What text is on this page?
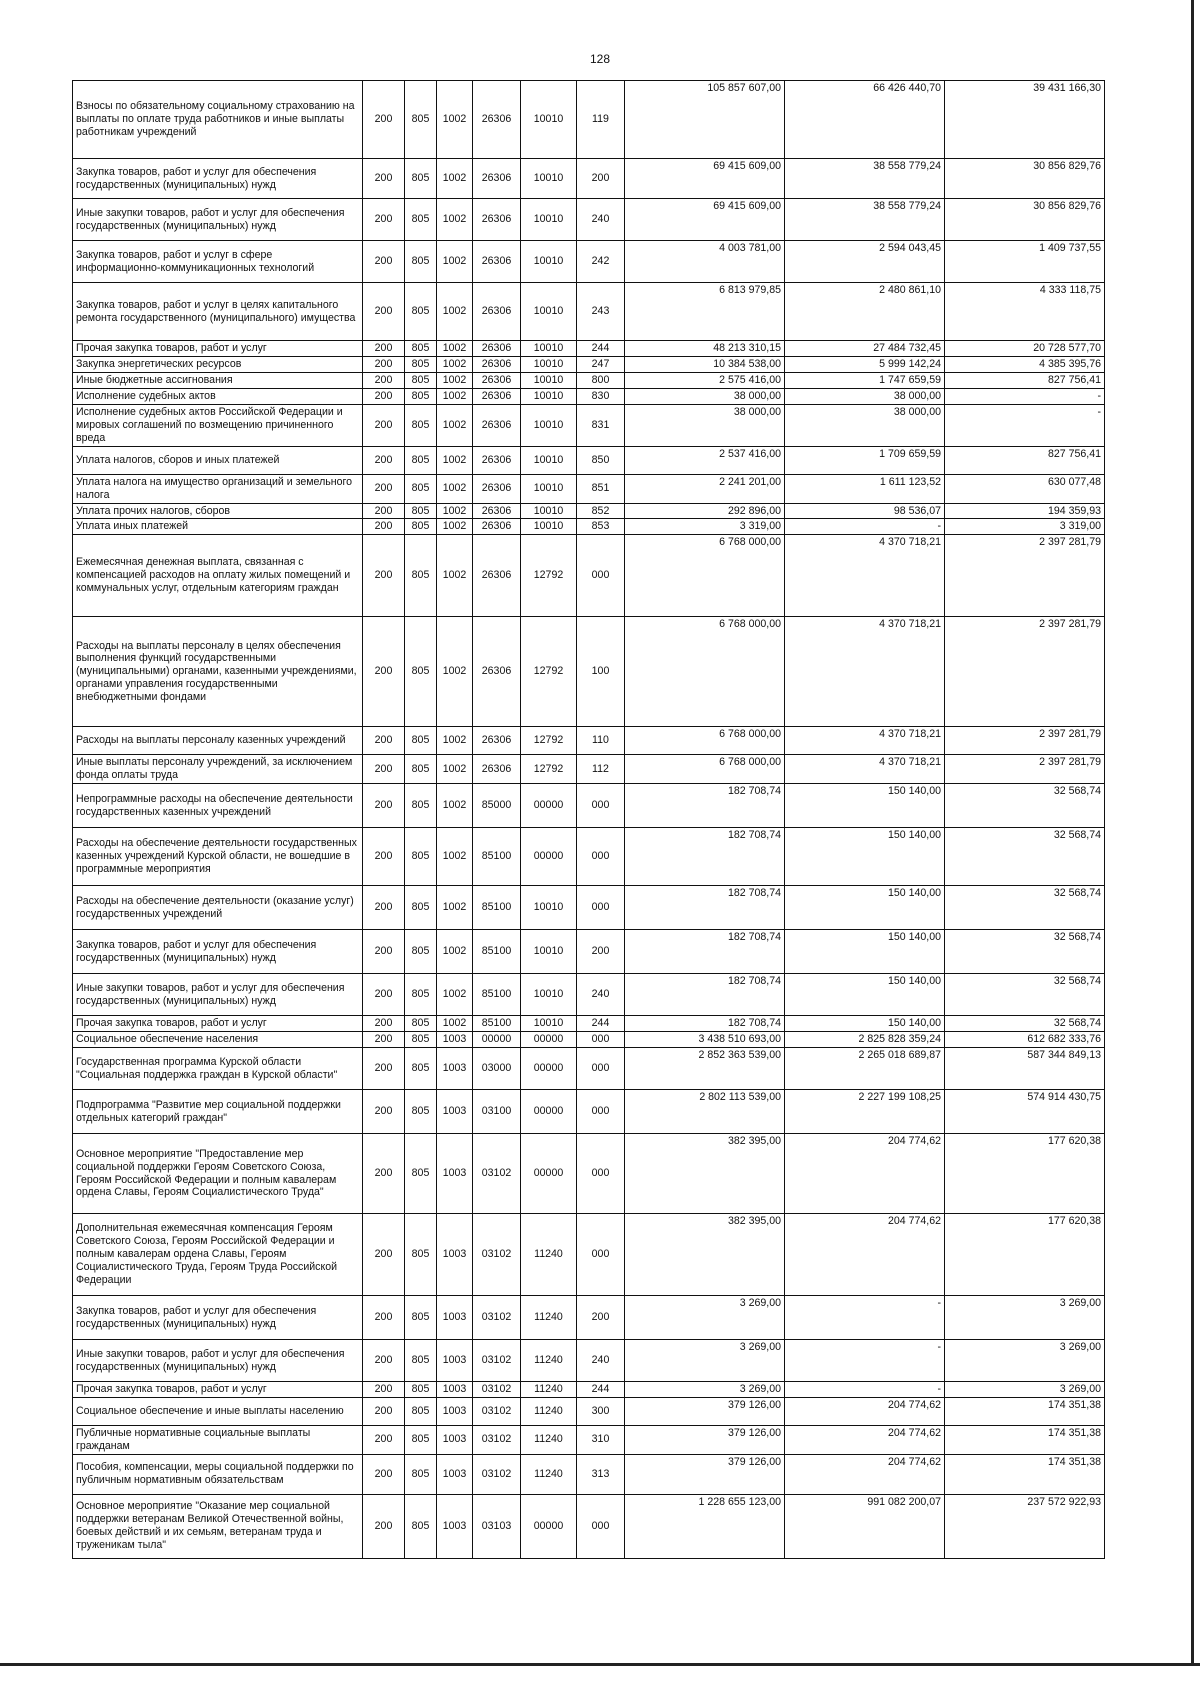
128
Взносы по обязательному социальному страхованию на выплаты по оплате труда работников и иные выплаты работникам учреждений	200	805	1002	26306	10010	119	105 857 607,00	66 426 440,70	39 431 166,30
Закупка товаров, работ и услуг для обеспечения государственных (муниципальных) нужд	200	805	1002	26306	10010	200	69 415 609,00	38 558 779,24	30 856 829,76
Иные закупки товаров, работ и услуг для обеспечения государственных (муниципальных) нужд	200	805	1002	26306	10010	240	69 415 609,00	38 558 779,24	30 856 829,76
Закупка товаров, работ и услуг в сфере информационно-коммуникационных технологий	200	805	1002	26306	10010	242	4 003 781,00	2 594 043,45	1 409 737,55
Закупка товаров, работ и услуг в целях капитального ремонта государственного (муниципального) имущества	200	805	1002	26306	10010	243	6 813 979,85	2 480 861,10	4 333 118,75
Прочая закупка товаров, работ и услуг	200	805	1002	26306	10010	244	48 213 310,15	27 484 732,45	20 728 577,70
Закупка энергетических ресурсов	200	805	1002	26306	10010	247	10 384 538,00	5 999 142,24	4 385 395,76
Иные бюджетные ассигнования	200	805	1002	26306	10010	800	2 575 416,00	1 747 659,59	827 756,41
Исполнение судебных актов	200	805	1002	26306	10010	830	38 000,00	38 000,00	-
Исполнение судебных актов Российской Федерации и мировых соглашений по возмещению причиненного вреда	200	805	1002	26306	10010	831	38 000,00	38 000,00	-
Уплата налогов, сборов и иных платежей	200	805	1002	26306	10010	850	2 537 416,00	1 709 659,59	827 756,41
Уплата налога на имущество организаций и земельного налога	200	805	1002	26306	10010	851	2 241 201,00	1 611 123,52	630 077,48
Уплата прочих налогов, сборов	200	805	1002	26306	10010	852	292 896,00	98 536,07	194 359,93
Уплата иных платежей	200	805	1002	26306	10010	853	3 319,00	-	3 319,00
Ежемесячная денежная выплата, связанная с компенсацией расходов на оплату жилых помещений и коммунальных услуг, отдельным категориям граждан	200	805	1002	26306	12792	000	6 768 000,00	4 370 718,21	2 397 281,79
Расходы на выплаты персоналу в целях обеспечения выполнения функций государственными (муниципальными) органами, казенными учреждениями, органами управления государственными внебюджетными фондами	200	805	1002	26306	12792	100	6 768 000,00	4 370 718,21	2 397 281,79
Расходы на выплаты персоналу казенных учреждений	200	805	1002	26306	12792	110	6 768 000,00	4 370 718,21	2 397 281,79
Иные выплаты персоналу учреждений, за исключением фонда оплаты труда	200	805	1002	26306	12792	112	6 768 000,00	4 370 718,21	2 397 281,79
Непрограммные расходы на обеспечение деятельности государственных казенных учреждений	200	805	1002	85000	00000	000	182 708,74	150 140,00	32 568,74
Расходы на обеспечение деятельности государственных казенных учреждений Курской области, не вошедшие в программные мероприятия	200	805	1002	85100	00000	000	182 708,74	150 140,00	32 568,74
Расходы на обеспечение деятельности (оказание услуг) государственных учреждений	200	805	1002	85100	10010	000	182 708,74	150 140,00	32 568,74
Закупка товаров, работ и услуг для обеспечения государственных (муниципальных) нужд	200	805	1002	85100	10010	200	182 708,74	150 140,00	32 568,74
Иные закупки товаров, работ и услуг для обеспечения государственных (муниципальных) нужд	200	805	1002	85100	10010	240	182 708,74	150 140,00	32 568,74
Прочая закупка товаров, работ и услуг	200	805	1002	85100	10010	244	182 708,74	150 140,00	32 568,74
Социальное обеспечение населения	200	805	1003	00000	00000	000	3 438 510 693,00	2 825 828 359,24	612 682 333,76
Государственная программа Курской области "Социальная поддержка граждан в Курской области"	200	805	1003	03000	00000	000	2 852 363 539,00	2 265 018 689,87	587 344 849,13
Подпрограмма "Развитие мер социальной поддержки отдельных категорий граждан"	200	805	1003	03100	00000	000	2 802 113 539,00	2 227 199 108,25	574 914 430,75
Основное мероприятие "Предоставление мер социальной поддержки Героям Советского Союза, Героям Российской Федерации и полным кавалерам ордена Славы, Героям Социалистического Труда"	200	805	1003	03102	00000	000	382 395,00	204 774,62	177 620,38
Дополнительная ежемесячная компенсация Героям Советского Союза, Героям Российской Федерации и полным кавалерам ордена Славы, Героям Социалистического Труда, Героям Труда Российской Федерации	200	805	1003	03102	11240	000	382 395,00	204 774,62	177 620,38
Закупка товаров, работ и услуг для обеспечения государственных (муниципальных) нужд	200	805	1003	03102	11240	200	3 269,00	-	3 269,00
Иные закупки товаров, работ и услуг для обеспечения государственных (муниципальных) нужд	200	805	1003	03102	11240	240	3 269,00	-	3 269,00
Прочая закупка товаров, работ и услуг	200	805	1003	03102	11240	244	3 269,00	-	3 269,00
Социальное обеспечение и иные выплаты населению	200	805	1003	03102	11240	300	379 126,00	204 774,62	174 351,38
Публичные нормативные социальные выплаты гражданам	200	805	1003	03102	11240	310	379 126,00	204 774,62	174 351,38
Пособия, компенсации, меры социальной поддержки по публичным нормативным обязательствам	200	805	1003	03102	11240	313	379 126,00	204 774,62	174 351,38
Основное мероприятие "Оказание мер социальной поддержки ветеранам Великой Отечественной войны, боевых действий и их семьям, ветеранам труда и труженикам тыла"	200	805	1003	03103	00000	000	1 228 655 123,00	991 082 200,07	237 572 922,93
